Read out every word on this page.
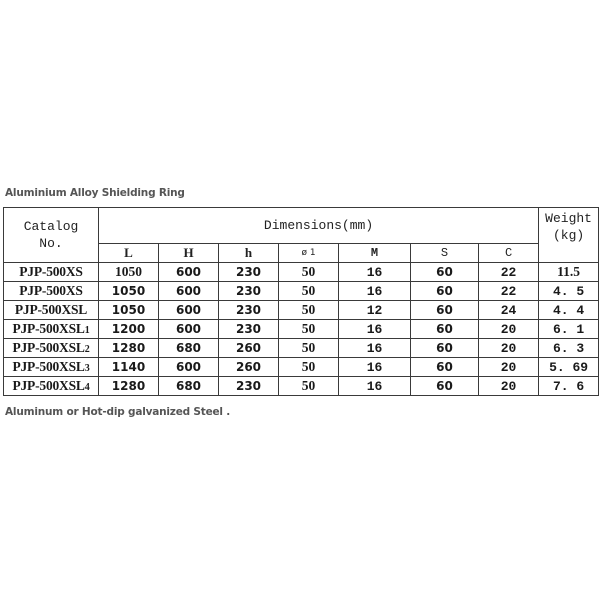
Aluminium Alloy Shielding Ring
Catalog
No.
	Dimensions(mm)	Weight
(kg)

	L	H	h	ø 1	M	S	C	
PJP-500XS	1050	600	230	50	16	60	22	11.5
PJP-500XS	1050	600	230	50	16	60	22	4. 5
PJP-500XSL	1050	600	230	50	12	60	24	4. 4
PJP-500XSL1	1200	600	230	50	16	60	20	6. 1
PJP-500XSL2	1280	680	260	50	16	60	20	6. 3
PJP-500XSL3	1140	600	260	50	16	60	20	5. 69
PJP-500XSL4	1280	680	230	50	16	60	20	7. 6
Aluminum or Hot-dip galvanized Steel .
